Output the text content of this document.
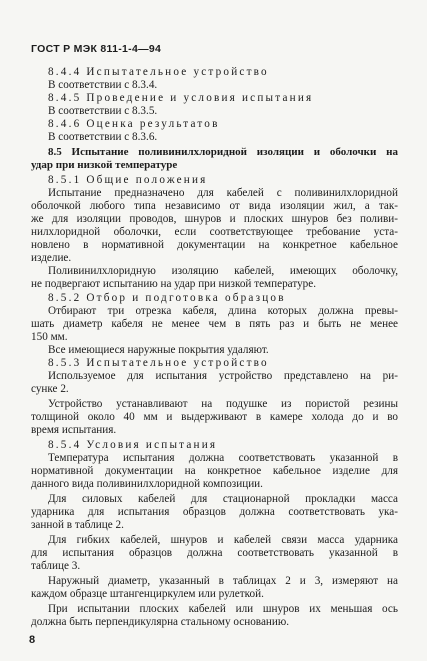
ГОСТ Р МЭК 811-1-4—94
8.4.4 Испытательное устройство
В соответствии с 8.3.4.
8.4.5 Проведение и условия испытания
В соответствии с 8.3.5.
8.4.6 Оценка результатов
В соответствии с 8.3.6.
8.5 Испытание поливинилхлоридной изоляции и оболочки на
удар при низкой температуре
8.5.1 Общие положения
Испытание предназначено для кабелей с поливинилхлоридной
оболочкой любого типа независимо от вида изоляции жил, а так-
же для изоляции проводов, шнуров и плоских шнуров без поливи-
нилхлоридной оболочки, если соответствующее требование уста-
новлено в нормативной документации на конкретное кабельное
изделие.
Поливинилхлоридную изоляцию кабелей, имеющих оболочку,
не подвергают испытанию на удар при низкой температуре.
8.5.2 Отбор и подготовка образцов
Отбирают три отрезка кабеля, длина которых должна превы-
шать диаметр кабеля не менее чем в пять раз и быть не менее
150 мм.
Все имеющиеся наружные покрытия удаляют.
8.5.3 Испытательное устройство
Используемое для испытания устройство представлено на ри-
сунке 2.
Устройство устанавливают на подушке из пористой резины
толщиной около 40 мм и выдерживают в камере холода до и во
время испытания.
8.5.4 Условия испытания
Температура испытания должна соответствовать указанной в
нормативной документации на конкретное кабельное изделие для
данного вида поливинилхлоридной композиции.
Для силовых кабелей для стационарной прокладки масса
ударника для испытания образцов должна соответствовать ука-
занной в таблице 2.
Для гибких кабелей, шнуров и кабелей связи масса ударника
для испытания образцов должна соответствовать указанной в
таблице 3.
Наружный диаметр, указанный в таблицах 2 и 3, измеряют на
каждом образце штангенциркулем или рулеткой.
При испытании плоских кабелей или шнуров их меньшая ось
должна быть перпендикулярна стальному основанию.
8
